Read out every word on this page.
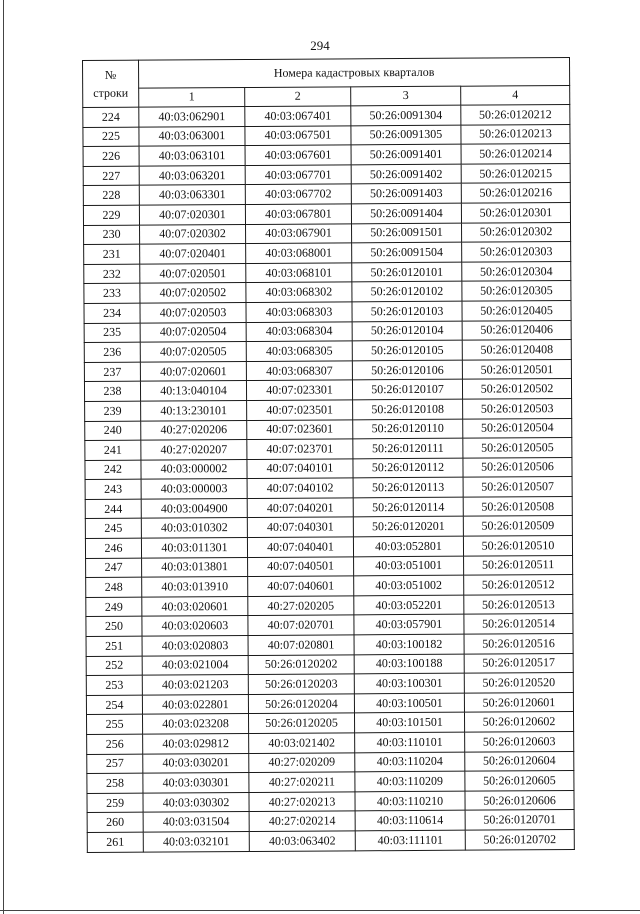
294
№
строки	Номера кадастровых кварталов			
	1	2	3	4
224	40:03:062901	40:03:067401	50:26:0091304	50:26:0120212
225	40:03:063001	40:03:067501	50:26:0091305	50:26:0120213
226	40:03:063101	40:03:067601	50:26:0091401	50:26:0120214
227	40:03:063201	40:03:067701	50:26:0091402	50:26:0120215
228	40:03:063301	40:03:067702	50:26:0091403	50:26:0120216
229	40:07:020301	40:03:067801	50:26:0091404	50:26:0120301
230	40:07:020302	40:03:067901	50:26:0091501	50:26:0120302
231	40:07:020401	40:03:068001	50:26:0091504	50:26:0120303
232	40:07:020501	40:03:068101	50:26:0120101	50:26:0120304
233	40:07:020502	40:03:068302	50:26:0120102	50:26:0120305
234	40:07:020503	40:03:068303	50:26:0120103	50:26:0120405
235	40:07:020504	40:03:068304	50:26:0120104	50:26:0120406
236	40:07:020505	40:03:068305	50:26:0120105	50:26:0120408
237	40:07:020601	40:03:068307	50:26:0120106	50:26:0120501
238	40:13:040104	40:07:023301	50:26:0120107	50:26:0120502
239	40:13:230101	40:07:023501	50:26:0120108	50:26:0120503
240	40:27:020206	40:07:023601	50:26:0120110	50:26:0120504
241	40:27:020207	40:07:023701	50:26:0120111	50:26:0120505
242	40:03:000002	40:07:040101	50:26:0120112	50:26:0120506
243	40:03:000003	40:07:040102	50:26:0120113	50:26:0120507
244	40:03:004900	40:07:040201	50:26:0120114	50:26:0120508
245	40:03:010302	40:07:040301	50:26:0120201	50:26:0120509
246	40:03:011301	40:07:040401	40:03:052801	50:26:0120510
247	40:03:013801	40:07:040501	40:03:051001	50:26:0120511
248	40:03:013910	40:07:040601	40:03:051002	50:26:0120512
249	40:03:020601	40:27:020205	40:03:052201	50:26:0120513
250	40:03:020603	40:07:020701	40:03:057901	50:26:0120514
251	40:03:020803	40:07:020801	40:03:100182	50:26:0120516
252	40:03:021004	50:26:0120202	40:03:100188	50:26:0120517
253	40:03:021203	50:26:0120203	40:03:100301	50:26:0120520
254	40:03:022801	50:26:0120204	40:03:100501	50:26:0120601
255	40:03:023208	50:26:0120205	40:03:101501	50:26:0120602
256	40:03:029812	40:03:021402	40:03:110101	50:26:0120603
257	40:03:030201	40:27:020209	40:03:110204	50:26:0120604
258	40:03:030301	40:27:020211	40:03:110209	50:26:0120605
259	40:03:030302	40:27:020213	40:03:110210	50:26:0120606
260	40:03:031504	40:27:020214	40:03:110614	50:26:0120701
261	40:03:032101	40:03:063402	40:03:111101	50:26:0120702
